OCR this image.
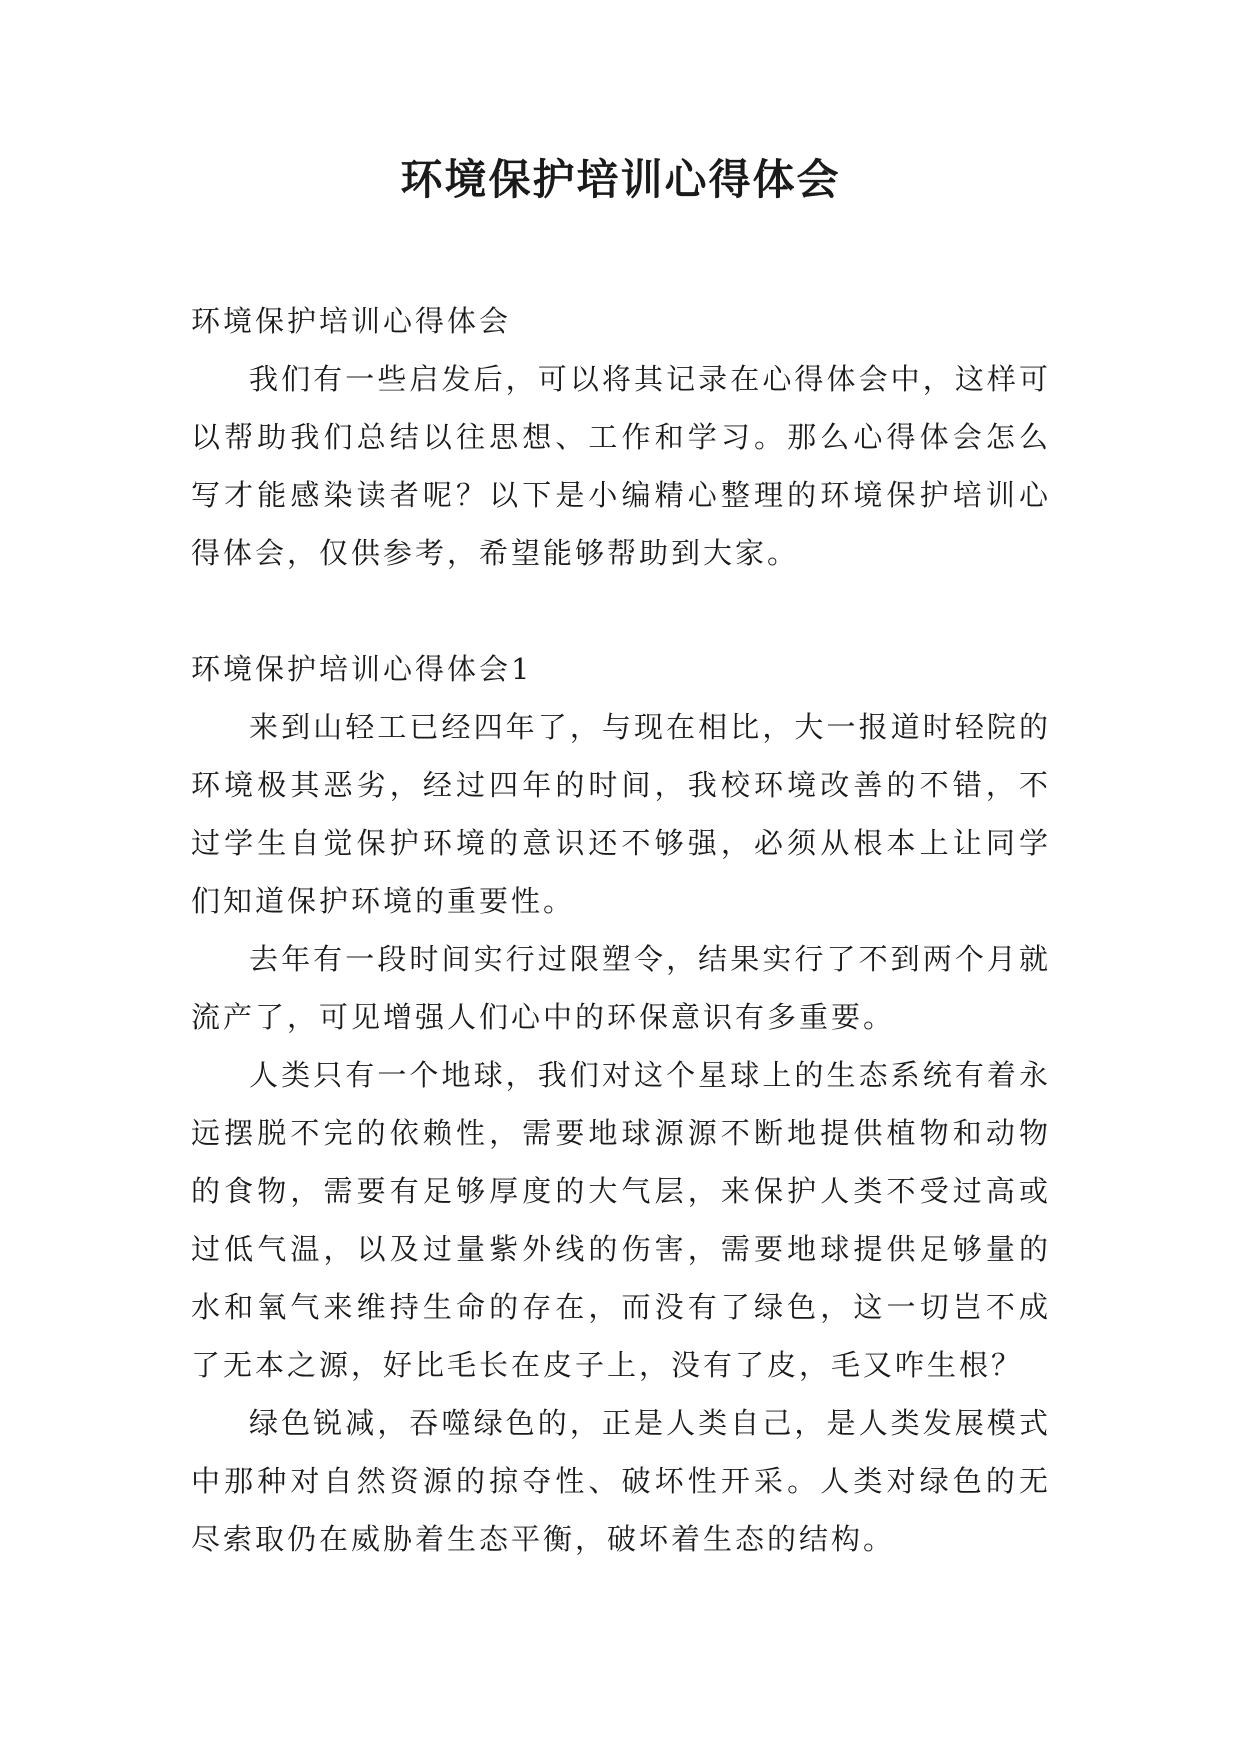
环境保护培训心得体会

环境保护培训心得体会

我们有一些启发后，可以将其记录在心得体会中，这样可以帮助我们总结以往思想、工作和学习。那么心得体会怎么写才能感染读者呢？以下是小编精心整理的环境保护培训心得体会，仅供参考，希望能够帮助到大家。

环境保护培训心得体会1

来到山轻工已经四年了，与现在相比，大一报道时轻院的环境极其恶劣，经过四年的时间，我校环境改善的不错，不过学生自觉保护环境的意识还不够强，必须从根本上让同学们知道保护环境的重要性。

去年有一段时间实行过限塑令，结果实行了不到两个月就流产了，可见增强人们心中的环保意识有多重要。

人类只有一个地球，我们对这个星球上的生态系统有着永远摆脱不完的依赖性，需要地球源源不断地提供植物和动物的食物，需要有足够厚度的大气层，来保护人类不受过高或过低气温，以及过量紫外线的伤害，需要地球提供足够量的水和氧气来维持生命的存在，而没有了绿色，这一切岂不成了无本之源，好比毛长在皮子上，没有了皮，毛又咋生根？

绿色锐减，吞噬绿色的，正是人类自己，是人类发展模式中那种对自然资源的掠夺性、破坏性开采。人类对绿色的无尽索取仍在威胁着生态平衡，破坏着生态的结构。
